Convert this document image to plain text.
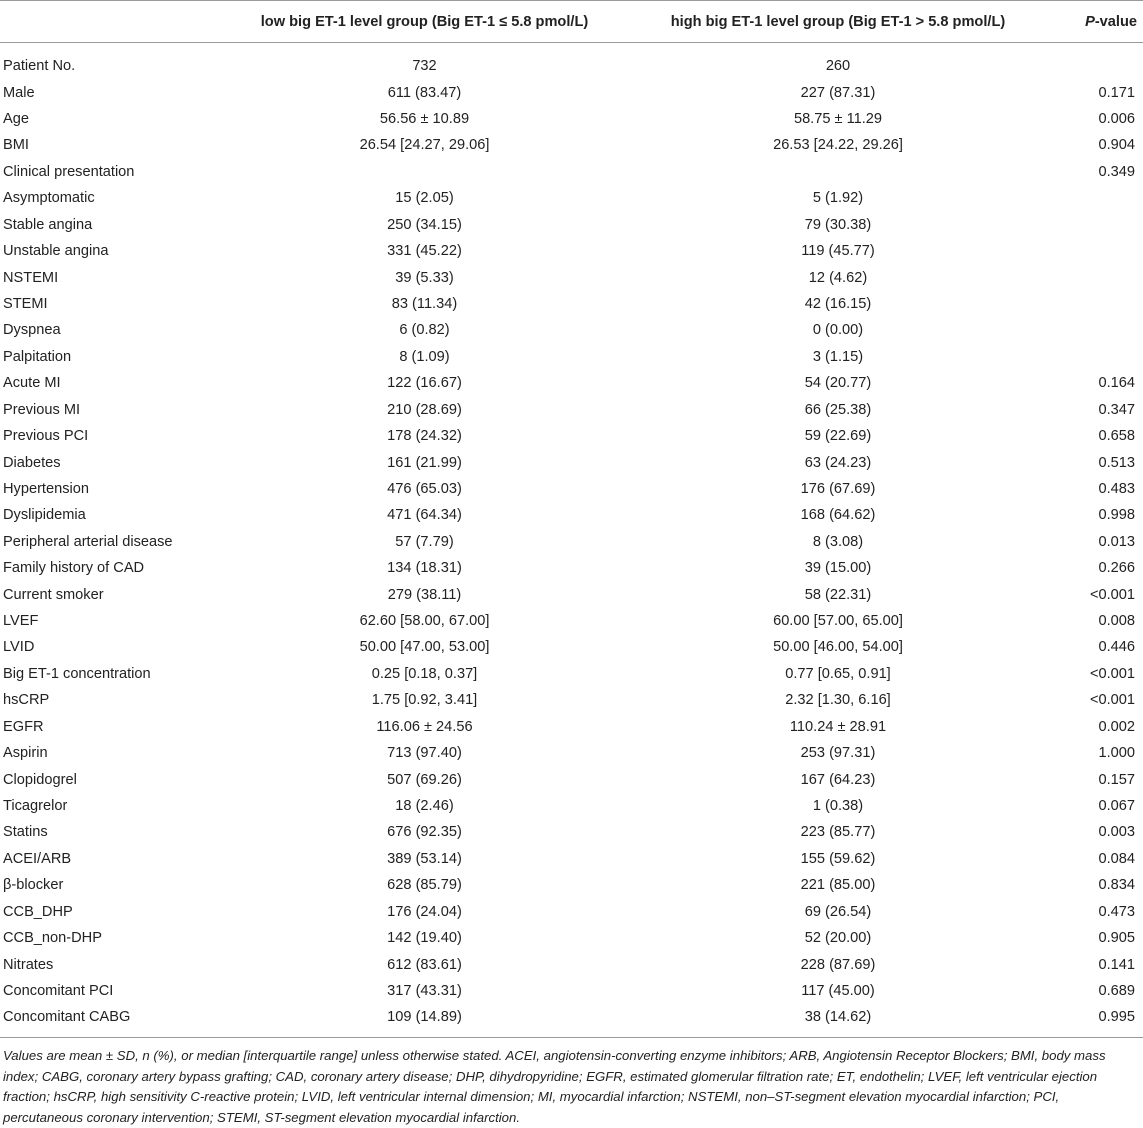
	low big ET-1 level group (Big ET-1 ≤ 5.8 pmol/L)	high big ET-1 level group (Big ET-1 > 5.8 pmol/L)	P-value
Patient No.	732	260	
Male	611 (83.47)	227 (87.31)	0.171
Age	56.56 ± 10.89	58.75 ± 11.29	0.006
BMI	26.54 [24.27, 29.06]	26.53 [24.22, 29.26]	0.904
Clinical presentation			0.349
Asymptomatic	15 (2.05)	5 (1.92)	
Stable angina	250 (34.15)	79 (30.38)	
Unstable angina	331 (45.22)	119 (45.77)	
NSTEMI	39 (5.33)	12 (4.62)	
STEMI	83 (11.34)	42 (16.15)	
Dyspnea	6 (0.82)	0 (0.00)	
Palpitation	8 (1.09)	3 (1.15)	
Acute MI	122 (16.67)	54 (20.77)	0.164
Previous MI	210 (28.69)	66 (25.38)	0.347
Previous PCI	178 (24.32)	59 (22.69)	0.658
Diabetes	161 (21.99)	63 (24.23)	0.513
Hypertension	476 (65.03)	176 (67.69)	0.483
Dyslipidemia	471 (64.34)	168 (64.62)	0.998
Peripheral arterial disease	57 (7.79)	8 (3.08)	0.013
Family history of CAD	134 (18.31)	39 (15.00)	0.266
Current smoker	279 (38.11)	58 (22.31)	<0.001
LVEF	62.60 [58.00, 67.00]	60.00 [57.00, 65.00]	0.008
LVID	50.00 [47.00, 53.00]	50.00 [46.00, 54.00]	0.446
Big ET-1 concentration	0.25 [0.18, 0.37]	0.77 [0.65, 0.91]	<0.001
hsCRP	1.75 [0.92, 3.41]	2.32 [1.30, 6.16]	<0.001
EGFR	116.06 ± 24.56	110.24 ± 28.91	0.002
Aspirin	713 (97.40)	253 (97.31)	1.000
Clopidogrel	507 (69.26)	167 (64.23)	0.157
Ticagrelor	18 (2.46)	1 (0.38)	0.067
Statins	676 (92.35)	223 (85.77)	0.003
ACEI/ARB	389 (53.14)	155 (59.62)	0.084
β-blocker	628 (85.79)	221 (85.00)	0.834
CCB_DHP	176 (24.04)	69 (26.54)	0.473
CCB_non-DHP	142 (19.40)	52 (20.00)	0.905
Nitrates	612 (83.61)	228 (87.69)	0.141
Concomitant PCI	317 (43.31)	117 (45.00)	0.689
Concomitant CABG	109 (14.89)	38 (14.62)	0.995
Values are mean ± SD, n (%), or median [interquartile range] unless otherwise stated. ACEI, angiotensin-converting enzyme inhibitors; ARB, Angiotensin Receptor Blockers; BMI, body mass index; CABG, coronary artery bypass grafting; CAD, coronary artery disease; DHP, dihydropyridine; EGFR, estimated glomerular filtration rate; ET, endothelin; LVEF, left ventricular ejection fraction; hsCRP, high sensitivity C-reactive protein; LVID, left ventricular internal dimension; MI, myocardial infarction; NSTEMI, non–ST-segment elevation myocardial infarction; PCI, percutaneous coronary intervention; STEMI, ST-segment elevation myocardial infarction.
